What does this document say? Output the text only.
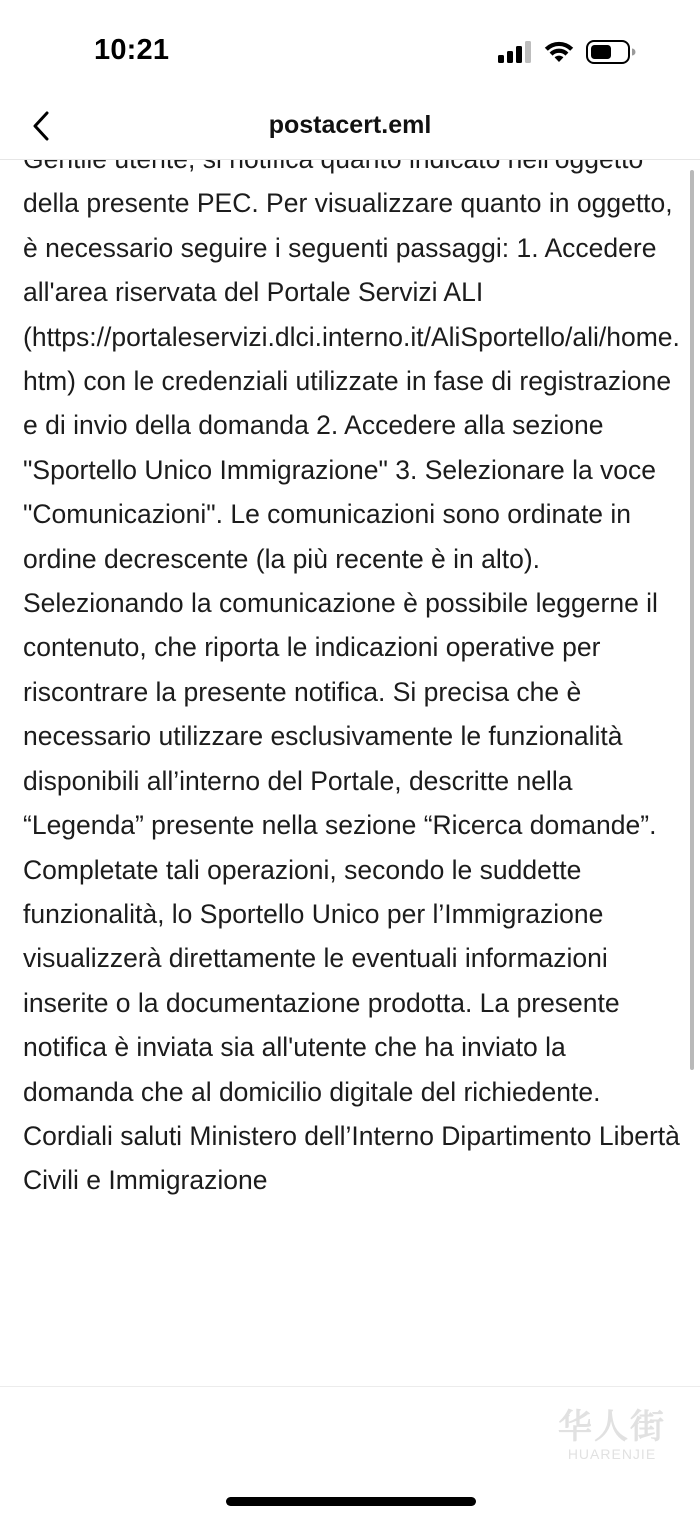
10:21
postacert.eml
della presente PEC. Per visualizzare quanto in oggetto, è necessario seguire i seguenti passaggi: 1. Accedere all'area riservata del Portale Servizi ALI (https://portaleservizi.dlci.interno.it/AliSportello/ali/home.htm) con le credenziali utilizzate in fase di registrazione e di invio della domanda 2. Accedere alla sezione "Sportello Unico Immigrazione" 3. Selezionare la voce "Comunicazioni". Le comunicazioni sono ordinate in ordine decrescente (la più recente è in alto). Selezionando la comunicazione è possibile leggerne il contenuto, che riporta le indicazioni operative per riscontrare la presente notifica. Si precisa che è necessario utilizzare esclusivamente le funzionalità disponibili all’interno del Portale, descritte nella “Legenda” presente nella sezione “Ricerca domande”. Completate tali operazioni, secondo le suddette funzionalità, lo Sportello Unico per l’Immigrazione visualizzerà direttamente le eventuali informazioni inserite o la documentazione prodotta. La presente notifica è inviata sia all'utente che ha inviato la domanda che al domicilio digitale del richiedente. Cordiali saluti Ministero dell’Interno Dipartimento Libertà Civili e Immigrazione
华人街
HUARENJIE
